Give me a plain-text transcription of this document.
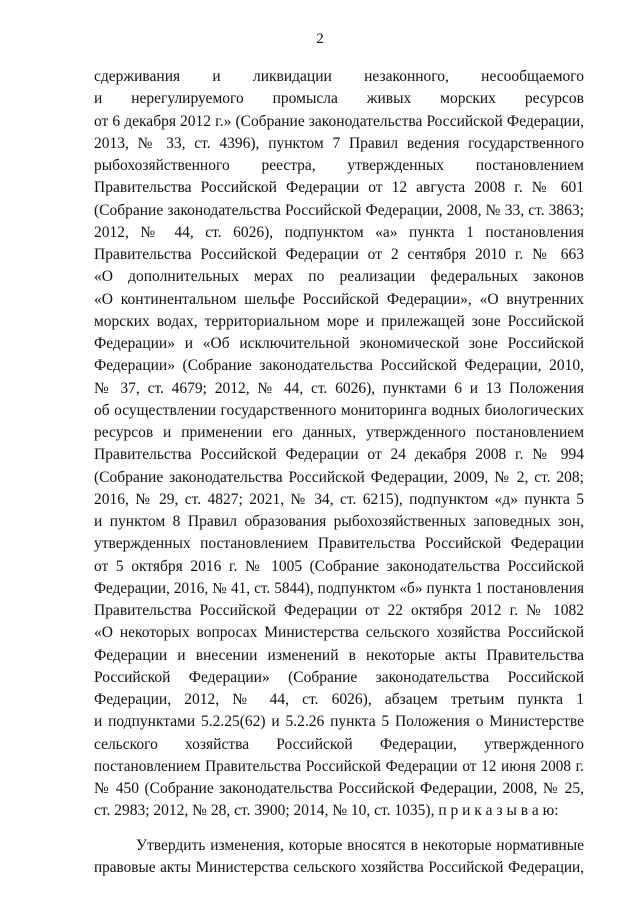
2
сдерживания и ликвидации незаконного, несообщаемого
и нерегулируемого промысла живых морских ресурсов
от 6 декабря 2012 г.» (Собрание законодательства Российской Федерации,
2013, № 33, ст. 4396), пунктом 7 Правил ведения государственного
рыбохозяйственного реестра, утвержденных постановлением
Правительства Российской Федерации от 12 августа 2008 г. № 601
(Собрание законодательства Российской Федерации, 2008, № 33, ст. 3863;
2012, № 44, ст. 6026), подпунктом «а» пункта 1 постановления
Правительства Российской Федерации от 2 сентября 2010 г. № 663
«О дополнительных мерах по реализации федеральных законов
«О континентальном шельфе Российской Федерации», «О внутренних
морских водах, территориальном море и прилежащей зоне Российской
Федерации» и «Об исключительной экономической зоне Российской
Федерации» (Собрание законодательства Российской Федерации, 2010,
№ 37, ст. 4679; 2012, № 44, ст. 6026), пунктами 6 и 13 Положения
об осуществлении государственного мониторинга водных биологических
ресурсов и применении его данных, утвержденного постановлением
Правительства Российской Федерации от 24 декабря 2008 г. № 994
(Собрание законодательства Российской Федерации, 2009, № 2, ст. 208;
2016, № 29, ст. 4827; 2021, № 34, ст. 6215), подпунктом «д» пункта 5
и пунктом 8 Правил образования рыбохозяйственных заповедных зон,
утвержденных постановлением Правительства Российской Федерации
от 5 октября 2016 г. № 1005 (Собрание законодательства Российской
Федерации, 2016, № 41, ст. 5844), подпунктом «б» пункта 1 постановления
Правительства Российской Федерации от 22 октября 2012 г. № 1082
«О некоторых вопросах Министерства сельского хозяйства Российской
Федерации и внесении изменений в некоторые акты Правительства
Российской Федерации» (Собрание законодательства Российской
Федерации, 2012, № 44, ст. 6026), абзацем третьим пункта 1
и подпунктами 5.2.25(62) и 5.2.26 пункта 5 Положения о Министерстве
сельского хозяйства Российской Федерации, утвержденного
постановлением Правительства Российской Федерации от 12 июня 2008 г.
№ 450 (Собрание законодательства Российской Федерации, 2008, № 25,
ст. 2983; 2012, № 28, ст. 3900; 2014, № 10, ст. 1035), п р и к а з ы в а ю:
Утвердить изменения, которые вносятся в некоторые нормативные
правовые акты Министерства сельского хозяйства Российской Федерации,
